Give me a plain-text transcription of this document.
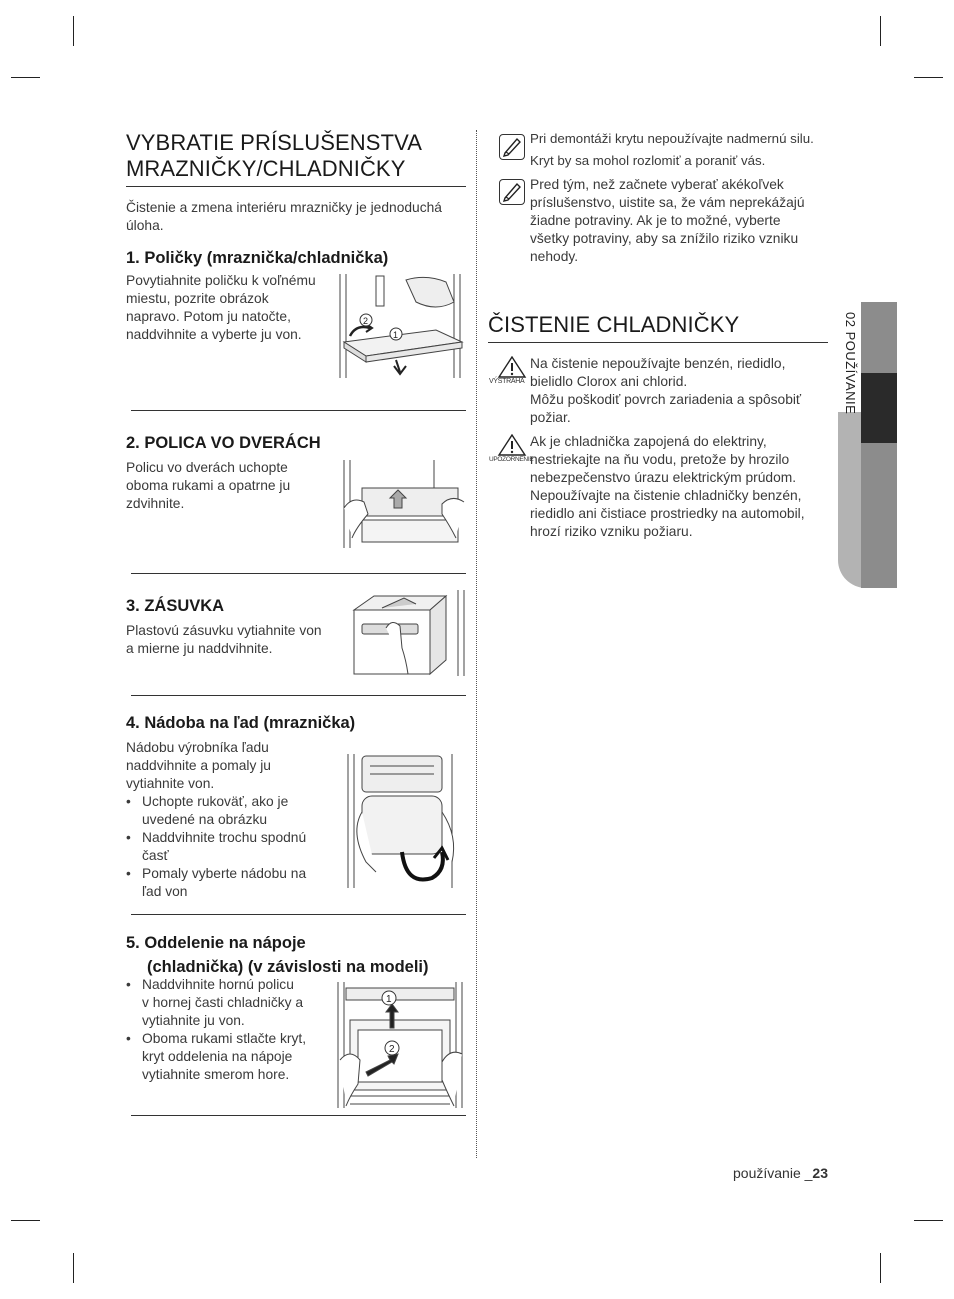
VYBRATIE PRÍSLUŠENSTVA
MRAZNIČKY/CHLADNIČKY
Čistenie a zmena interiéru mrazničky je jednoduchá
úloha.
1. Poličky (mraznička/chladnička)
Povytiahnite poličku k voľnému
miestu, pozrite obrázok
napravo. Potom ju natočte,
naddvihnite a vyberte ju von.
2
1
2. POLICA VO DVERÁCH
Policu vo dverách uchopte
oboma rukami a opatrne ju
zdvihnite.
3. ZÁSUVKA
Plastovú zásuvku vytiahnite von
a mierne ju naddvihnite.
4. Nádoba na ľad (mraznička)
Nádobu výrobníka ľadu
naddvihnite a pomaly ju
vytiahnite von.
• Uchopte rukoväť, ako je
uvedené na obrázku
• Naddvihnite trochu spodnú
časť
• Pomaly vyberte nádobu na
ľad von
5. Oddelenie na nápoje
(chladnička) (v závislosti na modeli)
• Naddvihnite hornú policu
v hornej časti chladničky a
vytiahnite ju von.
• Oboma rukami stlačte kryt,
kryt oddelenia na nápoje
vytiahnite smerom hore.
1
2
Pri demontáži krytu nepoužívajte nadmernú silu.
Kryt by sa mohol rozlomiť a poraniť vás.
Pred tým, než začnete vyberať akékoľvek
príslušenstvo, uistite sa, že vám neprekážajú
žiadne potraviny. Ak je to možné, vyberte
všetky potraviny, aby sa znížilo riziko vzniku
nehody.
ČISTENIE CHLADNIČKY
VÝSTRAHA
Na čistenie nepoužívajte benzén, riedidlo,
bielidlo Clorox ani chlorid.
Môžu poškodiť povrch zariadenia a spôsobiť
požiar.
UPOZORNENIE
Ak je chladnička zapojená do elektriny,
nestriekajte na ňu vodu, pretože by hrozilo
nebezpečenstvo úrazu elektrickým prúdom.
Nepoužívajte na čistenie chladničky benzén,
riedidlo ani čistiace prostriedky na automobil,
hrozí riziko vzniku požiaru.
02 POUŽÍVANIE
používanie _23
